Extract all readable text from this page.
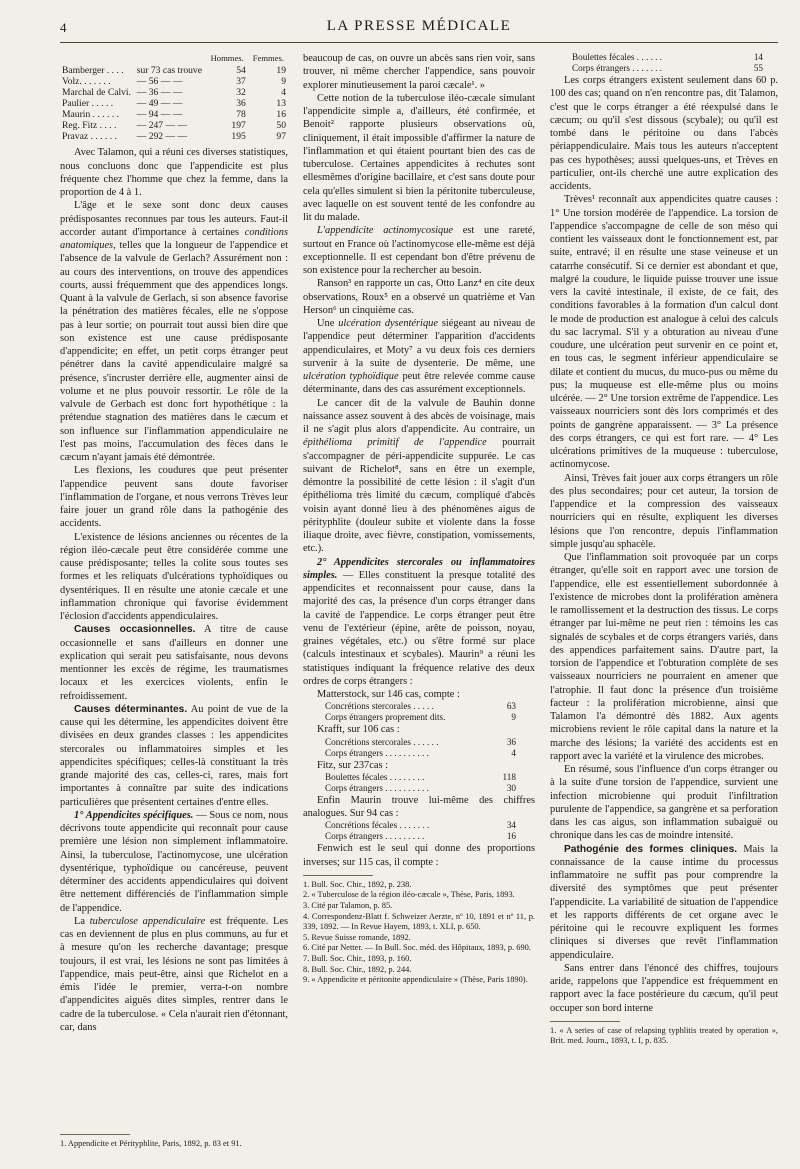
4	LA PRESSE MÉDICALE
		Hommes.	Femmes.
Bamberger . . . .	sur 73 cas trouve	54	19
Volz. . . . . . .	— 56 — —	37	9
Marchal de Calvi.	— 36 — —	32	4
Paulier . . . . .	— 49 — —	36	13
Maurin . . . . . .	— 94 — —	78	16
Reg. Fitz . . . .	— 247 — —	197	50
Pravaz . . . . . .	— 292 — —	195	97

Avec Talamon, qui a réuni ces diverses statistiques, nous concluons donc que l'appendicite est plus fréquente chez l'homme que chez la femme, dans la proportion de 4 à 1.

L'âge et le sexe sont donc deux causes prédisposantes reconnues par tous les auteurs. Faut-il accorder autant d'importance à certaines conditions anatomiques, telles que la longueur de l'appendice et l'absence de la valvule de Gerlach? Assurément non : au cours des interventions, on trouve des appendices courts, aussi fréquemment que des appendices longs. Quant à la valvule de Gerlach, si son absence favorise la pénétration des matières fécales, elle ne s'oppose pas à leur sortie; on pourrait tout aussi bien dire que son existence est une cause prédisposante d'appendicite; en effet, un petit corps étranger peut pénétrer dans la cavité appendiculaire malgré sa présence, s'incruster derrière elle, augmenter ainsi de volume et ne plus pouvoir ressortir. Le rôle de la valvule de Gerbach est donc fort hypothétique : la prétendue stagnation des matières dans le cæcum et son influence sur l'inflammation appendiculaire ne l'est pas moins, l'accumulation des fèces dans le cæcum n'ayant jamais été démontrée.

Les flexions, les coudures que peut présenter l'appendice peuvent sans doute favoriser l'inflammation de l'organe, et nous verrons Trèves leur faire jouer un grand rôle dans la pathogénie des accidents.

L'existence de lésions anciennes ou récentes de la région iléo-cæcale peut être considérée comme une cause prédisposante; telles la colite sous toutes ses formes et les reliquats d'ulcérations typhoïdiques ou dysentériques. Il en résulte une atonie cæcale et une inflammation chronique qui favorise évidemment l'éclosion d'accidents appendiculaires.

Causes occasionnelles. A titre de cause occasionnelle et sans d'ailleurs en donner une explication qui serait peu satisfaisante, nous devons mentionner les excès de régime, les traumatismes locaux et les exercices violents, enfin le refroidissement.

Causes déterminantes. Au point de vue de la cause qui les détermine, les appendicites doivent être divisées en deux grandes classes : les appendicites stercorales ou inflammatoires simples et les appendicites spécifiques; celles-là constituant la très grande majorité des cas, celles-ci, rares, mais fort importantes à connaître par suite des indications particulières que présentent certaines d'entre elles.

1° Appendicites spécifiques. — Sous ce nom, nous décrivons toute appendicite qui reconnaît pour cause première une lésion non simplement inflammatoire. Ainsi, la tuberculose, l'actinomycose, une ulcération dysentérique, typhoïdique ou cancéreuse, peuvent déterminer des accidents appendiculaires qui doivent être nettement différenciés de l'inflammation simple de l'appendice.

La tuberculose appendiculaire est fréquente. Les cas en deviennent de plus en plus communs, au fur et à mesure qu'on les recherche davantage; presque toujours, il est vrai, les lésions ne sont pas limitées à l'appendice, mais peut-être, ainsi que Richelot en a émis l'idée le premier, verra-t-on nombre d'appendicites aiguës dites simples, rentrer dans le cadre de la tuberculose. « Cela n'aurait rien d'étonnant, car, dans

1. Appendicite et Pérityphlite, Paris, 1892, p. 83 et 91.

beaucoup de cas, on ouvre un abcès sans rien voir, sans trouver, ni même chercher l'appendice, sans pouvoir explorer minutieusement la paroi cæcale¹. »

Cette notion de la tuberculose iléo-cæcale simulant l'appendicite simple a, d'ailleurs, été confirmée, et Benoit² rapporte plusieurs observations où, cliniquement, il était impossible d'affirmer la nature de l'inflammation et qui étaient pourtant bien des cas de tuberculose. Certaines appendicites à rechutes sont ellesmêmes d'origine bacillaire, et c'est sans doute pour cela qu'elles simulent si bien la péritonite tuberculeuse, avec laquelle on est souvent tenté de les confondre au lit du malade.

L'appendicite actinomycosique est une rareté, surtout en France où l'actinomycose elle-même est déjà exceptionnelle. Il est cependant bon d'être prévenu de son existence pour la rechercher au besoin.

Ranson³ en rapporte un cas, Otto Lanz⁴ en cite deux observations, Roux⁵ en a observé un quatrième et Van Herson⁶ un cinquième cas.

Une ulcération dysentérique siégeant au niveau de l'appendice peut déterminer l'apparition d'accidents appendiculaires, et Moty⁷ a vu deux fois ces derniers survenir à la suite de dysenterie. De même, une ulcération typhoïdique peut être relevée comme cause déterminante, dans des cas assurément exceptionnels.

Le cancer dit de la valvule de Bauhin donne naissance assez souvent à des abcès de voisinage, mais il ne s'agit plus alors d'appendicite. Au contraire, un épithélioma primitif de l'appendice pourrait s'accompagner de péri-appendicite suppurée. Le cas suivant de Richelot⁸, sans en être un exemple, démontre la possibilité de cette lésion : il s'agit d'un épithélioma très limité du cæcum, compliqué d'abcès voisin ayant donné lieu à des phénomènes aigus de pérityphlite (douleur subite et violente dans la fosse iliaque droite, avec fièvre, constipation, vomissements, etc.).

2° Appendicites stercorales ou inflammatoires simples. — Elles constituent la presque totalité des appendicites et reconnaissent pour cause, dans la majorité des cas, la présence d'un corps étranger dans la cavité de l'appendice. Le corps étranger peut être venu de l'extérieur (épine, arête de poisson, noyau, graines végétales, etc.) ou s'être formé sur place (calculs intestinaux et scybales). Maurin⁹ a réuni les statistiques indiquant la fréquence relative des deux ordres de corps étrangers :

Matterstock, sur 146 cas, compte :

Concrétions stercorales . . . . .	63
Corps étrangers proprement dits.	9

Krafft, sur 106 cas :

Concrétions stercorales . . . . . .	36
Corps étrangers . . . . . . . . . .	4

Fitz, sur 237cas :

Boulettes fécales . . . . . . . .	118
Corps étrangers . . . . . . . . . .	30

Enfin Maurin trouve lui-même des chiffres analogues. Sur 94 cas :

Concrétions fécales . . . . . . .	34
Corps étrangers . . . . . . . . .	16

Fenwich est le seul qui donne des proportions inverses; sur 115 cas, il compte :

1. Bull. Soc. Chir., 1892, p. 238.
2. « Tuberculose de la région iléo-cæcale », Thèse, Paris, 1893.
3. Cité par Talamon, p. 85.
4. Correspondenz-Blatt f. Schweizer Aerzte, nº 10, 1891 et nº 11, p. 339, 1892. — In Revue Hayem, 1893, t. XLI, p. 650.
5. Revue Suisse romande, 1892.
6. Cité par Netter. — In Bull. Soc. méd. des Hôpitaux, 1893, p. 690.
7. Bull. Soc. Chir., 1893, p. 160.
8. Bull. Soc. Chir., 1892, p. 244.
9. « Appendicite et péritonite appendiculaire » (Thèse, Paris 1890).
Boulettes fécales . . . . . .	14
Corps étrangers . . . . . . .	55

Les corps étrangers existent seulement dans 60 p. 100 des cas; quand on n'en rencontre pas, dit Talamon, c'est que le corps étranger a été réexpulsé dans le cæcum; ou qu'il s'est dissous (scybale); ou qu'il est tombé dans le péritoine ou dans l'abcès périappendiculaire. Mais tous les auteurs n'acceptent pas ces hypothèses; aussi quelques-uns, et Trèves en particulier, ont-ils cherché une autre explication des accidents.

Trèves¹ reconnaît aux appendicites quatre causes : 1° Une torsion modérée de l'appendice. La torsion de l'appendice s'accompagne de celle de son méso qui contient les vaisseaux dont le fonctionnement est, par suite, entravé; il en résulte une stase veineuse et un catarrhe consécutif. Si ce dernier est abondant et que, malgré la coudure, le liquide puisse trouver une issue vers la cavité intestinale, il existe, de ce fait, des conditions favorables à la formation d'un calcul dont le mode de production est analogue à celui des calculs du sac lacrymal. S'il y a obturation au niveau d'une coudure, une ulcération peut survenir en ce point et, en tous cas, le segment inférieur appendiculaire se dilate et contient du mucus, du muco-pus ou même du pus; la muqueuse est elle-même plus ou moins ulcérée. — 2° Une torsion extrême de l'appendice. Les vaisseaux nourriciers sont dès lors comprimés et des points de gangrène apparaissent. — 3° La présence des corps étrangers, ce qui est fort rare. — 4° Les ulcérations primitives de la muqueuse : tuberculose, actinomycose.

Ainsi, Trèves fait jouer aux corps étrangers un rôle des plus secondaires; pour cet auteur, la torsion de l'appendice et la compression des vaisseaux nourriciers qui en résulte, expliquent les diverses lésions que l'on rencontre, depuis l'inflammation simple jusqu'au sphacèle.

Que l'inflammation soit provoquée par un corps étranger, qu'elle soit en rapport avec une torsion de l'appendice, elle est essentiellement subordonnée à l'existence de microbes dont la prolifération amènera le ramollissement et la destruction des tissus. Le corps étranger par lui-même ne peut rien : témoins les cas signalés de scybales et de corps étrangers variés, dans des appendices parfaitement sains. D'autre part, la torsion de l'appendice et l'obturation complète de ses vaisseaux nourriciers ne pourraient en amener que l'atrophie. Il faut donc la présence d'un troisième facteur : la prolifération microbienne, ainsi que Talamon l'a démontré dès 1882. Aux agents microbiens revient le rôle capital dans la nature et la marche des lésions; la variété des accidents est en rapport avec la variété et la virulence des microbes.

En résumé, sous l'influence d'un corps étranger ou à la suite d'une torsion de l'appendice, survient une infection microbienne qui produit l'infiltration purulente de l'appendice, sa gangrène et sa perforation dans les cas aigus, son inflammation subaiguë ou chronique dans les cas de moindre intensité.

Pathogénie des formes cliniques. Mais la connaissance de la cause intime du processus inflammatoire ne suffit pas pour comprendre la diversité des symptômes que peut présenter l'appendicite. La variabilité de situation de l'appendice et les rapports différents de cet organe avec le péritoine qui le recouvre expliquent les formes cliniques si diverses que revêt l'inflammation appendiculaire.

Sans entrer dans l'énoncé des chiffres, toujours aride, rappelons que l'appendice est fréquemment en rapport avec la face postérieure du cæcum, qu'il peut occuper son bord interne

1. « A series of case of relapsing typhlitis treated by operation », Brit. med. Journ., 1893, t. I, p. 835.
